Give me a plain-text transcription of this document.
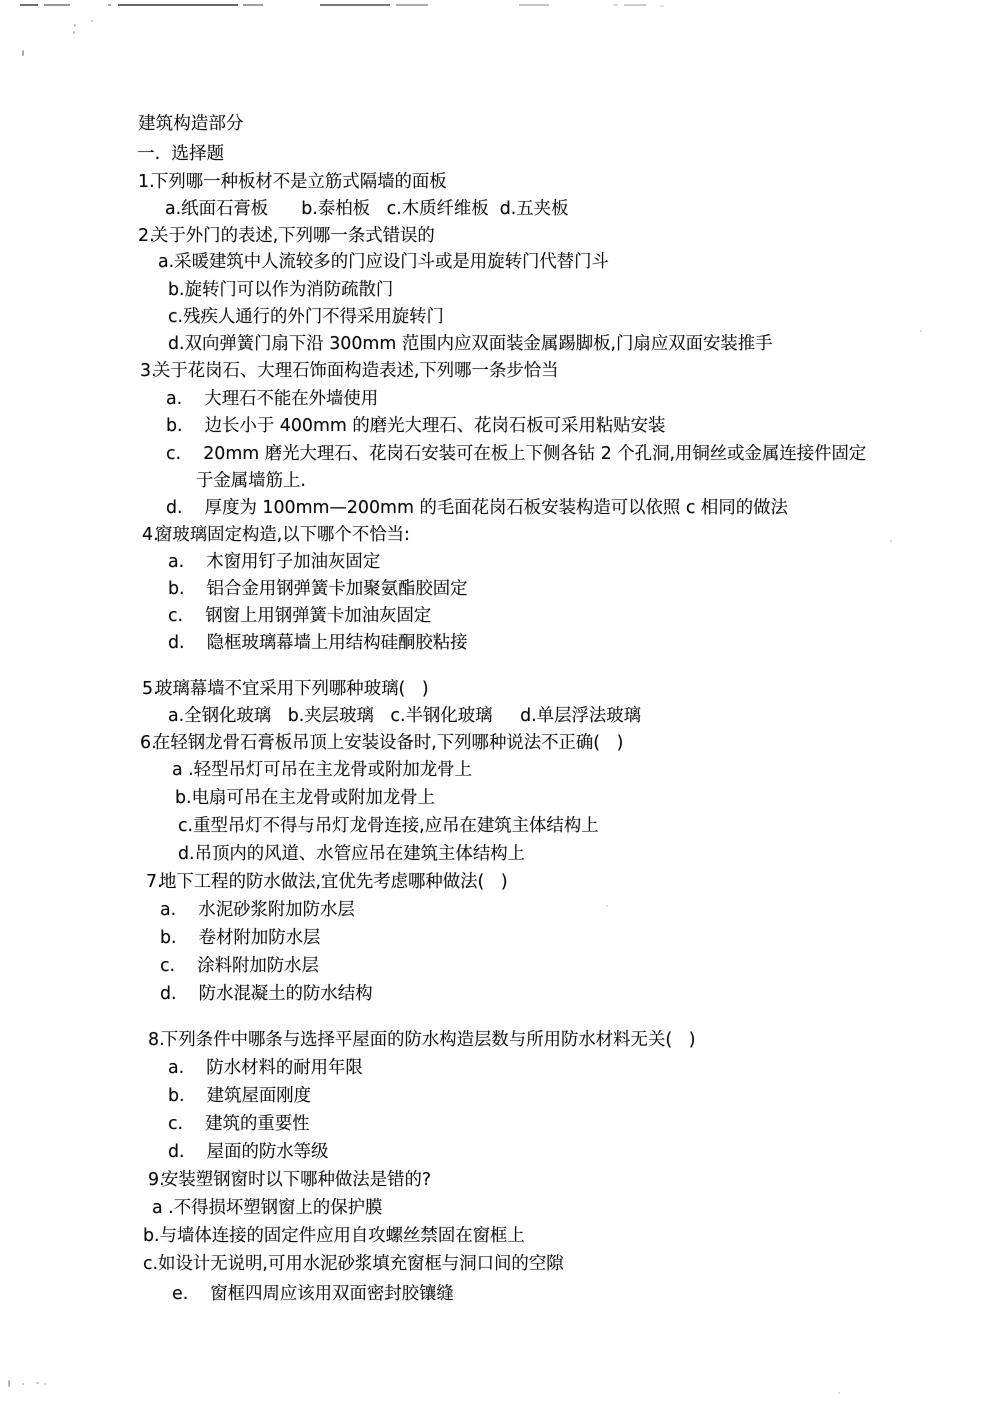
建筑构造部分
一.  选择题
1.
下列哪一种板材不是立筋式隔墙的面板
a.纸面石膏板      b.泰柏板   c.木质纤维板  d.五夹板
2.
关于外门的表述,下列哪一条式错误的
a.采暖建筑中人流较多的门应设门斗或是用旋转门代替门斗
b.旋转门可以作为消防疏散门
c.残疾人通行的外门不得采用旋转门
d.双向弹簧门扇下沿 300mm 范围内应双面装金属踢脚板,门扇应双面安装推手
3.
关于花岗石、大理石饰面构造表述,下列哪一条步恰当
a.    大理石不能在外墙使用
b.    边长小于 400mm 的磨光大理石、花岗石板可采用粘贴安装
c.    20mm 磨光大理石、花岗石安装可在板上下侧各钻 2 个孔洞,用铜丝或金属连接件固定
于金属墙筋上.
d.    厚度为 100mm—200mm 的毛面花岗石板安装构造可以依照 c 相同的做法
4.
窗玻璃固定构造,以下哪个不恰当:
a.    木窗用钉子加油灰固定
b.    铝合金用钢弹簧卡加聚氨酯胶固定
c.    钢窗上用钢弹簧卡加油灰固定
d.    隐框玻璃幕墙上用结构硅酮胶粘接
5.
玻璃幕墙不宜采用下列哪种玻璃(   )
a.全钢化玻璃   b.夹层玻璃   c.半钢化玻璃     d.单层浮法玻璃
6.
在轻钢龙骨石膏板吊顶上安装设备时,下列哪种说法不正确(   )
a .轻型吊灯可吊在主龙骨或附加龙骨上
b.电扇可吊在主龙骨或附加龙骨上
c.重型吊灯不得与吊灯龙骨连接,应吊在建筑主体结构上
d.吊顶内的风道、水管应吊在建筑主体结构上
7.
地下工程的防水做法,宜优先考虑哪种做法(   )
a.    水泥砂浆附加防水层
b.    卷材附加防水层
c.    涂料附加防水层
d.    防水混凝土的防水结构
8.
下列条件中哪条与选择平屋面的防水构造层数与所用防水材料无关(   )
a.    防水材料的耐用年限
b.    建筑屋面刚度
c.    建筑的重要性
d.    屋面的防水等级
9.
安装塑钢窗时以下哪种做法是错的?
a .不得损坏塑钢窗上的保护膜
b.与墙体连接的固定件应用自攻螺丝禁固在窗框上
c.如设计无说明,可用水泥砂浆填充窗框与洞口间的空隙
e.    窗框四周应该用双面密封胶镶缝
